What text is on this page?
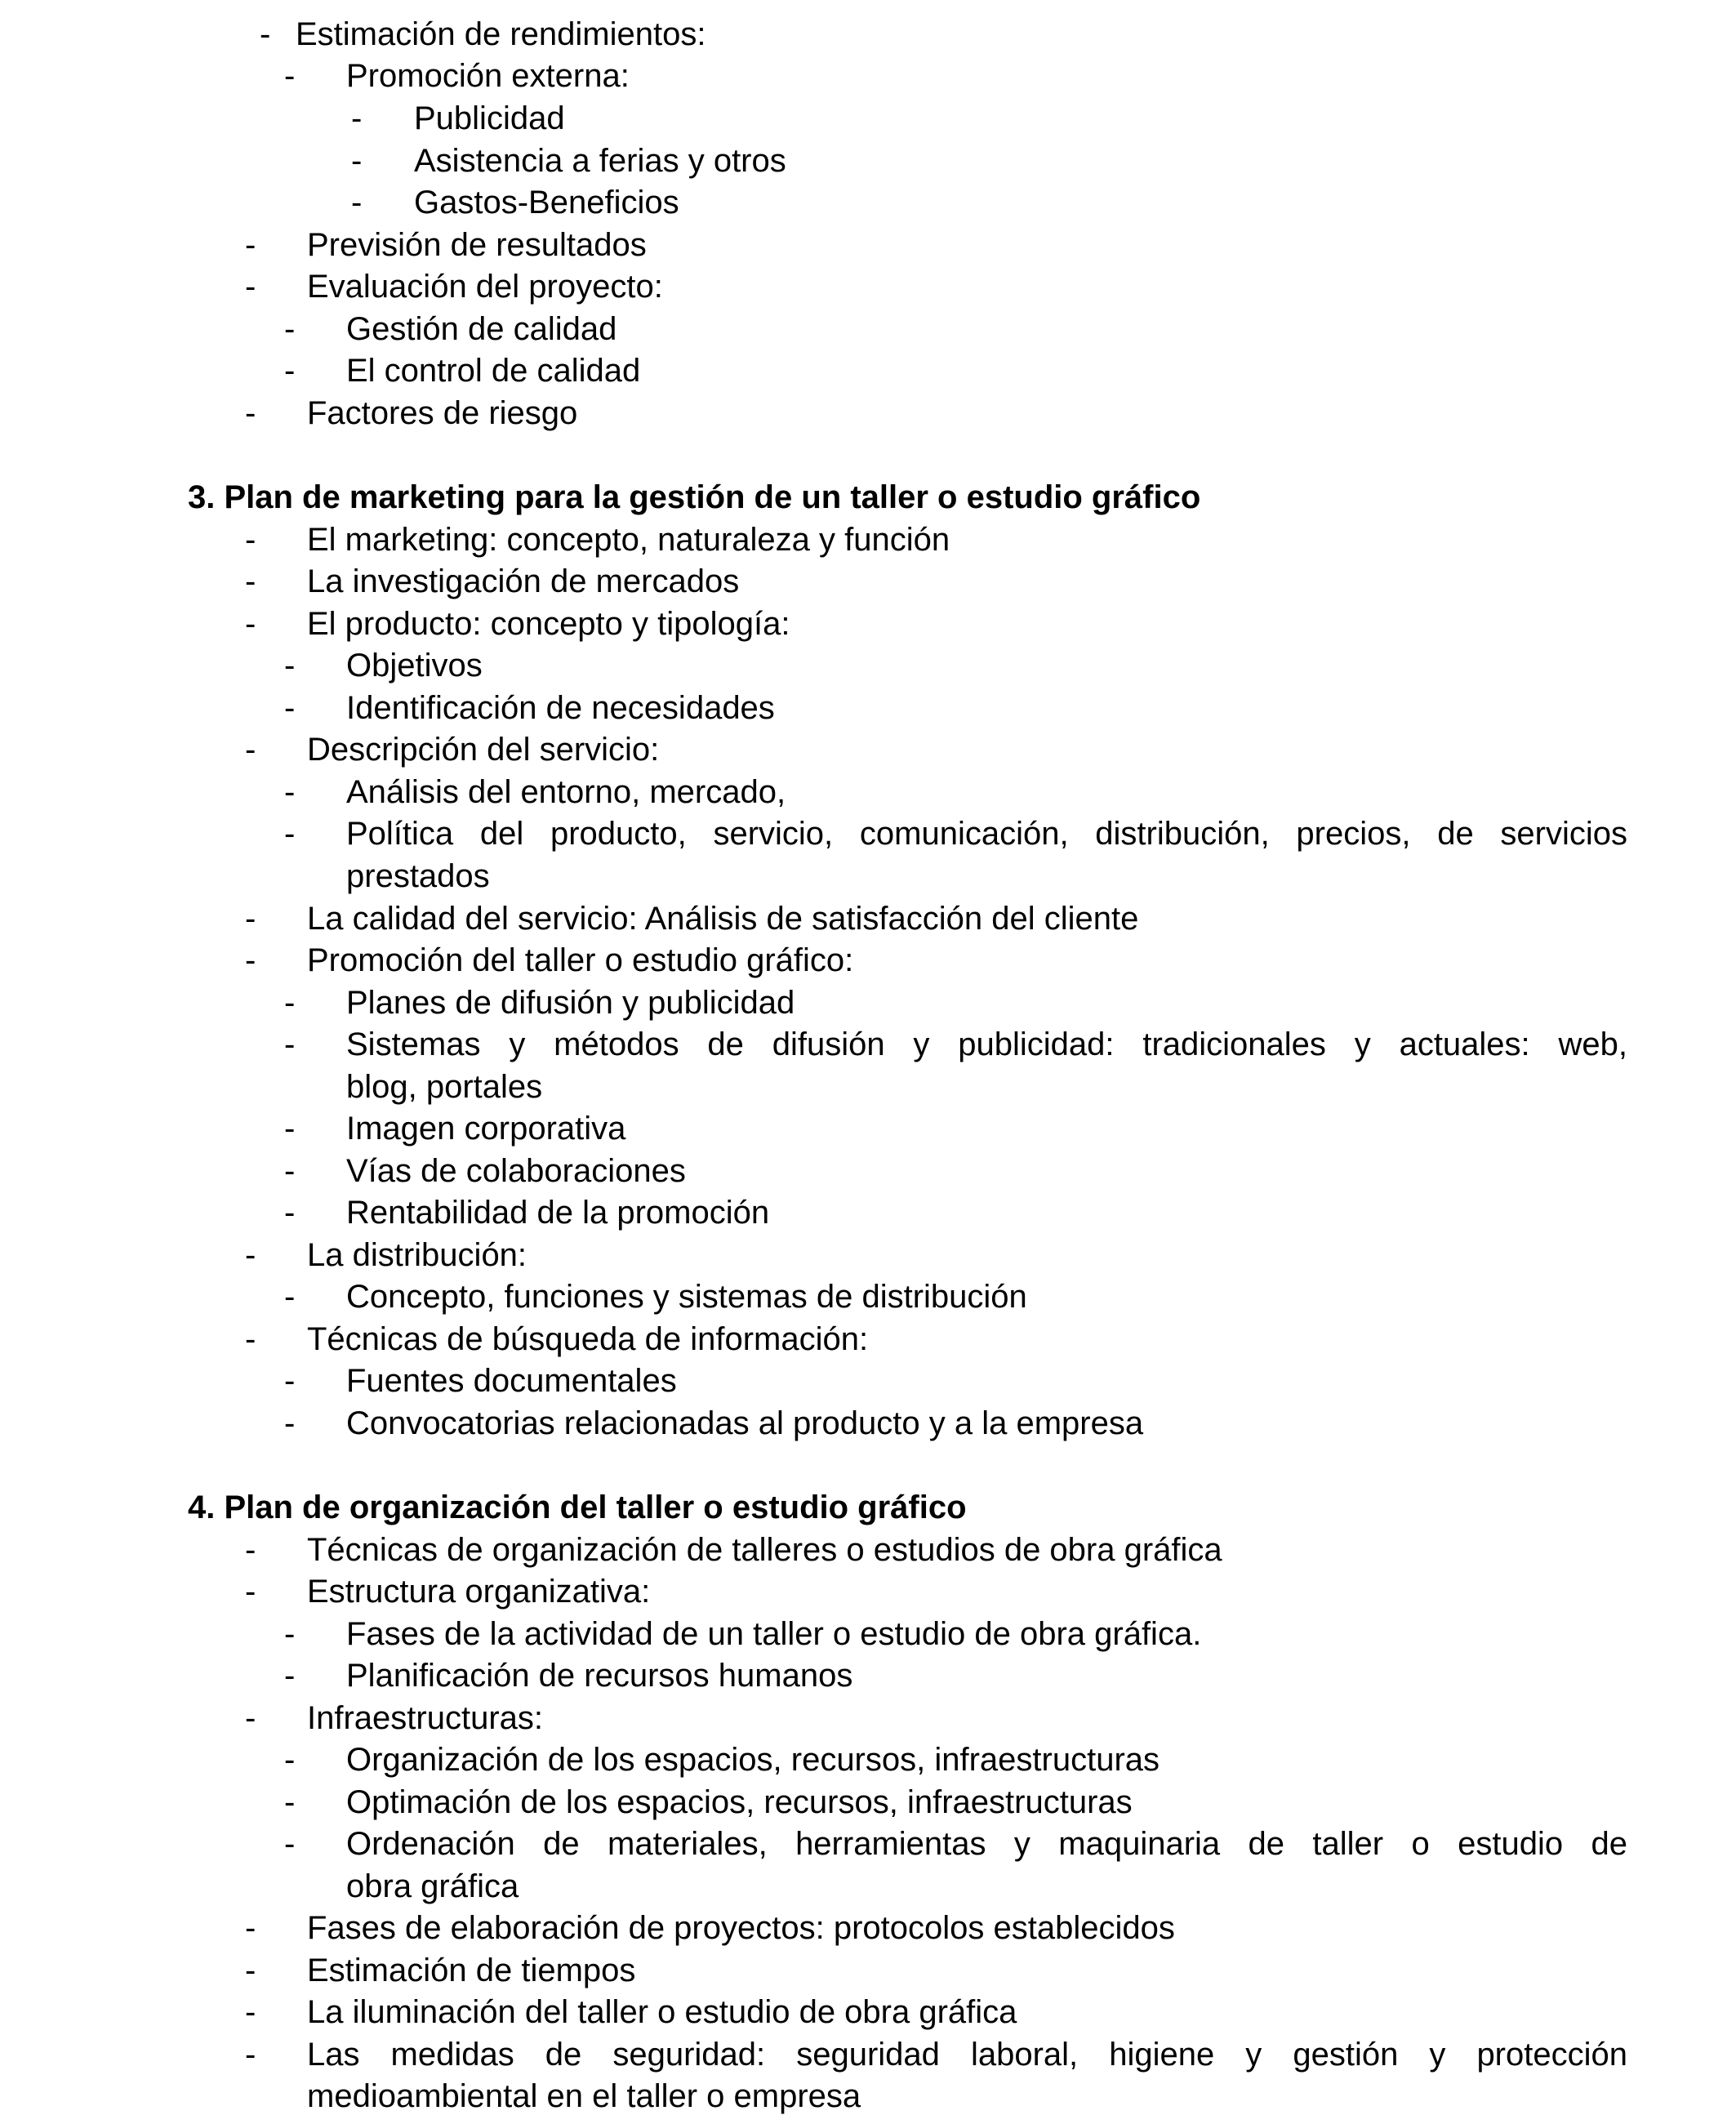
- Estimación de rendimientos:
- Promoción externa:
- Publicidad
- Asistencia a ferias y otros
- Gastos-Beneficios
- Previsión de resultados
- Evaluación del proyecto:
- Gestión de calidad
- El control de calidad
- Factores de riesgo
3. Plan de marketing para la gestión de un taller o estudio gráfico
- El marketing: concepto, naturaleza y función
- La investigación de mercados
- El producto: concepto y tipología:
- Objetivos
- Identificación de necesidades
- Descripción del servicio:
- Análisis del entorno, mercado,
- Política del producto, servicio, comunicación, distribución, precios, de servicios
prestados
- La calidad del servicio: Análisis de satisfacción del cliente
- Promoción del taller o estudio gráfico:
- Planes de difusión y publicidad
- Sistemas y métodos de difusión y publicidad: tradicionales y actuales: web,
blog, portales
- Imagen corporativa
- Vías de colaboraciones
- Rentabilidad de la promoción
- La distribución:
- Concepto, funciones y sistemas de distribución
- Técnicas de búsqueda de información:
- Fuentes documentales
- Convocatorias relacionadas al producto y a la empresa
4. Plan de organización del taller o estudio gráfico
- Técnicas de organización de talleres o estudios de obra gráfica
- Estructura organizativa:
- Fases de la actividad de un taller o estudio de obra gráfica.
- Planificación de recursos humanos
- Infraestructuras:
- Organización de los espacios, recursos, infraestructuras
- Optimación de los espacios, recursos, infraestructuras
- Ordenación de materiales, herramientas y maquinaria de taller o estudio de
obra gráfica
- Fases de elaboración de proyectos: protocolos establecidos
- Estimación de tiempos
- La iluminación del taller o estudio de obra gráfica
- Las medidas de seguridad: seguridad laboral, higiene y gestión y protección
medioambiental en el taller o empresa
